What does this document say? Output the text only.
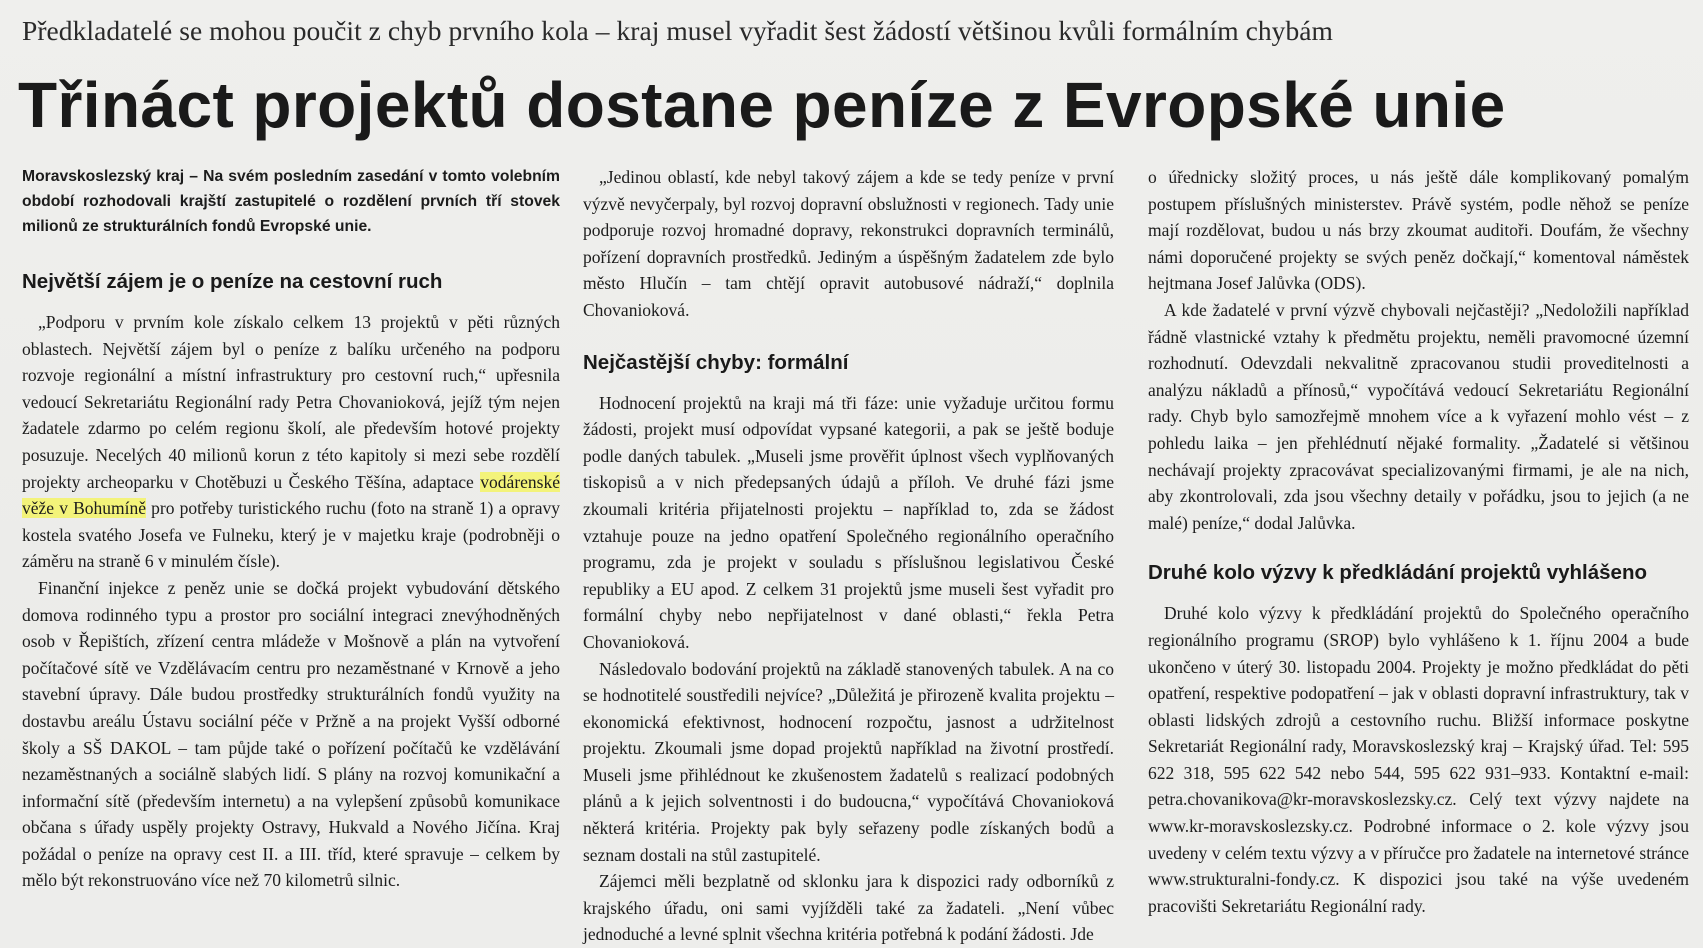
Předkladatelé se mohou poučit z chyb prvního kola – kraj musel vyřadit šest žádostí většinou kvůli formálním chybám
Třináct projektů dostane peníze z Evropské unie
Moravskoslezský kraj – Na svém posledním zasedání v tomto volebním období rozhodovali krajští zastupitelé o rozdělení prvních tří stovek milionů ze strukturálních fondů Evropské unie.
Největší zájem je o peníze na cestovní ruch

„Podporu v prvním kole získalo celkem 13 projektů v pěti různých oblastech. Největší zájem byl o peníze z balíku určeného na podporu rozvoje regionální a místní infrastruktury pro cestovní ruch,“ upřesnila vedoucí Sekretariátu Regionální rady Petra Chovanioková, jejíž tým nejen žadatele zdarmo po celém regionu školí, ale především hotové projekty posuzuje. Necelých 40 milionů korun z této kapitoly si mezi sebe rozdělí projekty archeoparku v Chotěbuzi u Českého Těšína, adaptace vodárenské věže v Bohumíně pro potřeby turistického ruchu (foto na straně 1) a opravy kostela svatého Josefa ve Fulneku, který je v majetku kraje (podrobněji o záměru na straně 6 v minulém čísle).

Finanční injekce z peněz unie se dočká projekt vybudování dětského domova rodinného typu a prostor pro sociální integraci znevýhodněných osob v Řepištích, zřízení centra mládeže v Mošnově a plán na vytvoření počítačové sítě ve Vzdělávacím centru pro nezaměstnané v Krnově a jeho stavební úpravy. Dále budou prostředky strukturálních fondů využity na dostavbu areálu Ústavu sociální péče v Pržně a na projekt Vyšší odborné školy a SŠ DAKOL – tam půjde také o pořízení počítačů ke vzdělávání nezaměstnaných a sociálně slabých lidí. S plány na rozvoj komunikační a informační sítě (především internetu) a na vylepšení způsobů komunikace občana s úřady uspěly projekty Ostravy, Hukvald a Nového Jičína. Kraj požádal o peníze na opravy cest II. a III. tříd, které spravuje – celkem by mělo být rekonstruováno více než 70 kilometrů silnic.

„Jedinou oblastí, kde nebyl takový zájem a kde se tedy peníze v první výzvě nevyčerpaly, byl rozvoj dopravní obslužnosti v regionech. Tady unie podporuje rozvoj hromadné dopravy, rekonstrukci dopravních terminálů, pořízení dopravních prostředků. Jediným a úspěšným žadatelem zde bylo město Hlučín – tam chtějí opravit autobusové nádraží,“ doplnila Chovanioková.

Nejčastější chyby: formální

Hodnocení projektů na kraji má tři fáze: unie vyžaduje určitou formu žádosti, projekt musí odpovídat vypsané kategorii, a pak se ještě boduje podle daných tabulek. „Museli jsme prověřit úplnost všech vyplňovaných tiskopisů a v nich předepsaných údajů a příloh. Ve druhé fázi jsme zkoumali kritéria přijatelnosti projektu – například to, zda se žádost vztahuje pouze na jedno opatření Společného regionálního operačního programu, zda je projekt v souladu s příslušnou legislativou České republiky a EU apod. Z celkem 31 projektů jsme museli šest vyřadit pro formální chyby nebo nepřijatelnost v dané oblasti,“ řekla Petra Chovanioková.

Následovalo bodování projektů na základě stanovených tabulek. A na co se hodnotitelé soustředili nejvíce? „Důležitá je přirozeně kvalita projektu – ekonomická efektivnost, hodnocení rozpočtu, jasnost a udržitelnost projektu. Zkoumali jsme dopad projektů například na životní prostředí. Museli jsme přihlédnout ke zkušenostem žadatelů s realizací podobných plánů a k jejich solventnosti i do budoucna,“ vypočítává Chovanioková některá kritéria. Projekty pak byly seřazeny podle získaných bodů a seznam dostali na stůl zastupitelé.

Zájemci měli bezplatně od sklonku jara k dispozici rady odborníků z krajského úřadu, oni sami vyjížděli také za žadateli. „Není vůbec jednoduché a levné splnit všechna kritéria potřebná k podání žádosti. Jde

o úřednicky složitý proces, u nás ještě dále komplikovaný pomalým postupem příslušných ministerstev. Právě systém, podle něhož se peníze mají rozdělovat, budou u nás brzy zkoumat auditoři. Doufám, že všechny námi doporučené projekty se svých peněz dočkají,“ komentoval náměstek hejtmana Josef Jalůvka (ODS).

A kde žadatelé v první výzvě chybovali nejčastěji? „Nedoložili například řádně vlastnické vztahy k předmětu projektu, neměli pravomocné územní rozhodnutí. Odevzdali nekvalitně zpracovanou studii proveditelnosti a analýzu nákladů a přínosů,“ vypočítává vedoucí Sekretariátu Regionální rady. Chyb bylo samozřejmě mnohem více a k vyřazení mohlo vést – z pohledu laika – jen přehlédnutí nějaké formality. „Žadatelé si většinou nechávají projekty zpracovávat specializovanými firmami, je ale na nich, aby zkontrolovali, zda jsou všechny detaily v pořádku, jsou to jejich (a ne malé) peníze,“ dodal Jalůvka.

Druhé kolo výzvy k předkládání projektů vyhlášeno

Druhé kolo výzvy k předkládání projektů do Společného operačního regionálního programu (SROP) bylo vyhlášeno k 1. říjnu 2004 a bude ukončeno v úterý 30. listopadu 2004. Projekty je možno předkládat do pěti opatření, respektive podopatření – jak v oblasti dopravní infrastruktury, tak v oblasti lidských zdrojů a cestovního ruchu. Bližší informace poskytne Sekretariát Regionální rady, Moravskoslezský kraj – Krajský úřad. Tel: 595 622 318, 595 622 542 nebo 544, 595 622 931–933. Kontaktní e-mail: petra.chovanikova@kr-moravskoslezsky.cz. Celý text výzvy najdete na www.kr-moravskoslezsky.cz. Podrobné informace o 2. kole výzvy jsou uvedeny v celém textu výzvy a v příručce pro žadatele na internetové stránce www.strukturalni-fondy.cz. K dispozici jsou také na výše uvedeném pracovišti Sekretariátu Regionální rady.
